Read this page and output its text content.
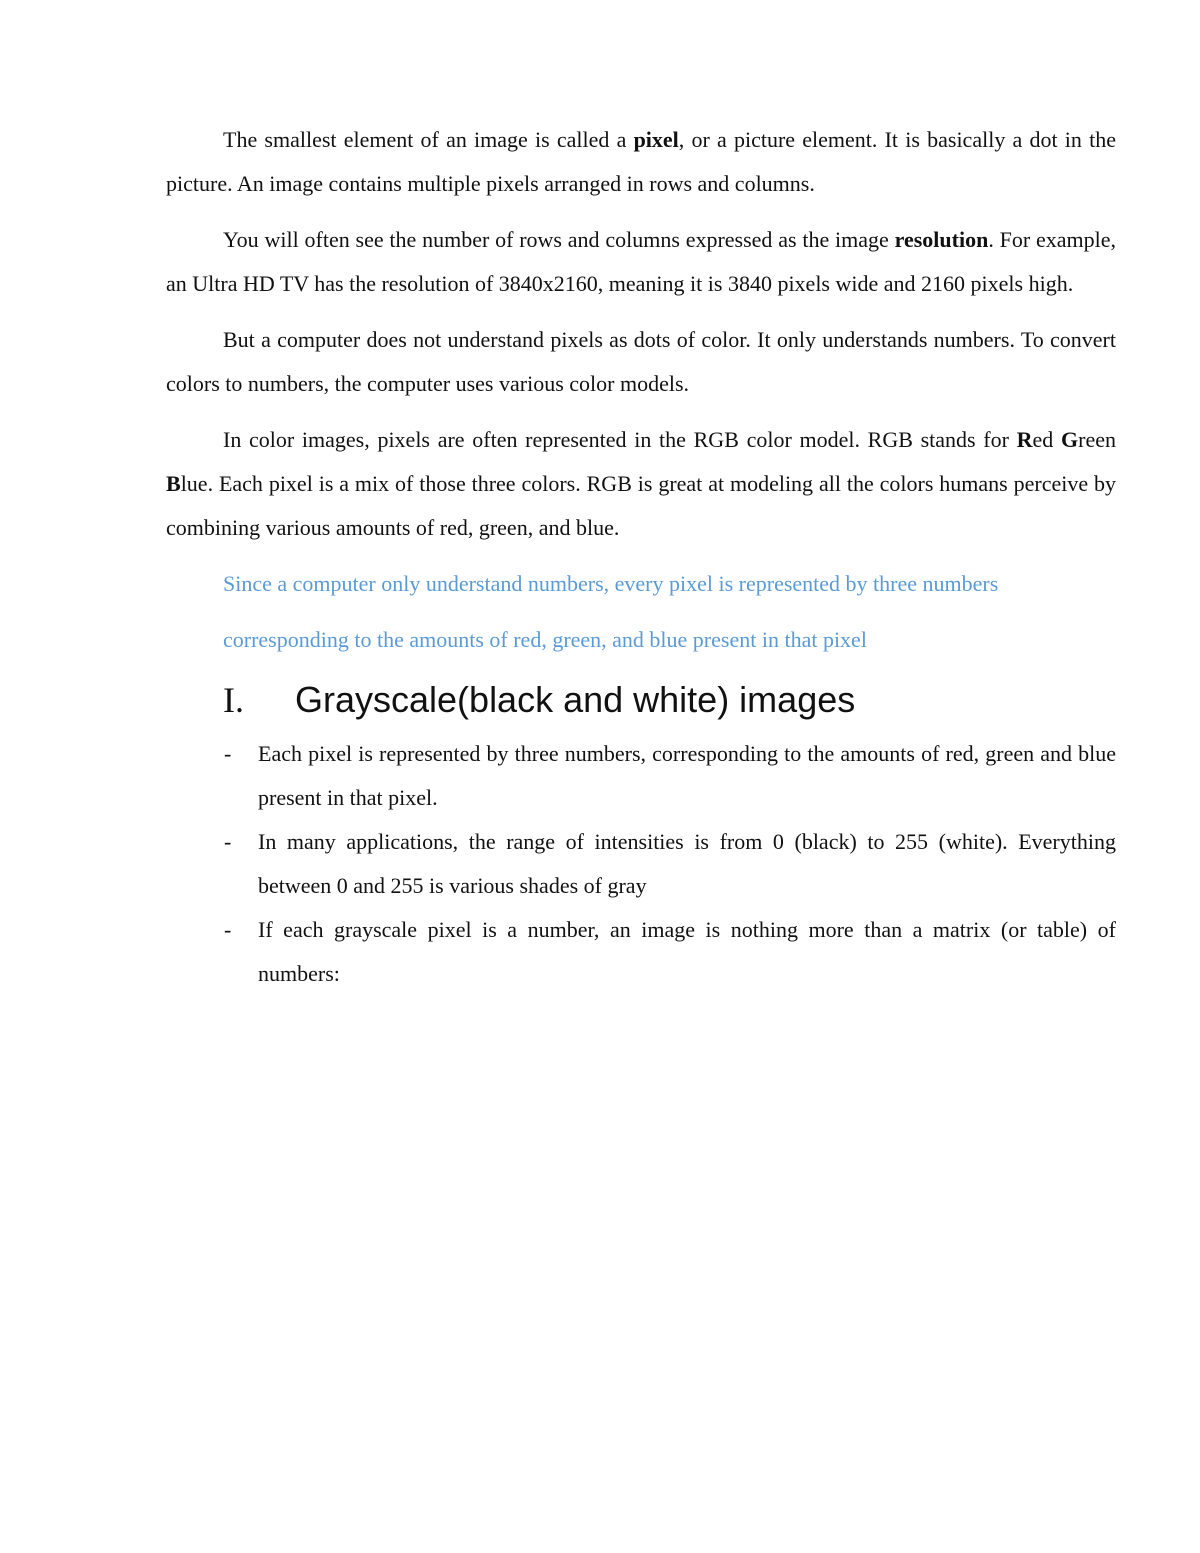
The smallest element of an image is called a pixel, or a picture element. It is basically a dot in the picture. An image contains multiple pixels arranged in rows and columns.

You will often see the number of rows and columns expressed as the image resolution. For example, an Ultra HD TV has the resolution of 3840x2160, meaning it is 3840 pixels wide and 2160 pixels high.

But a computer does not understand pixels as dots of color. It only understands numbers. To convert colors to numbers, the computer uses various color models.

In color images, pixels are often represented in the RGB color model. RGB stands for Red Green Blue. Each pixel is a mix of those three colors. RGB is great at modeling all the colors humans perceive by combining various amounts of red, green, and blue.

Since a computer only understand numbers, every pixel is represented by three numbers

corresponding to the amounts of red, green, and blue present in that pixel

I.	Grayscale(black and white) images
- Each pixel is represented by three numbers, corresponding to the amounts of red, green and blue present in that pixel.
- In many applications, the range of intensities is from 0 (black) to 255 (white). Everything between 0 and 255 is various shades of gray
- If each grayscale pixel is a number, an image is nothing more than a matrix (or table) of numbers:
